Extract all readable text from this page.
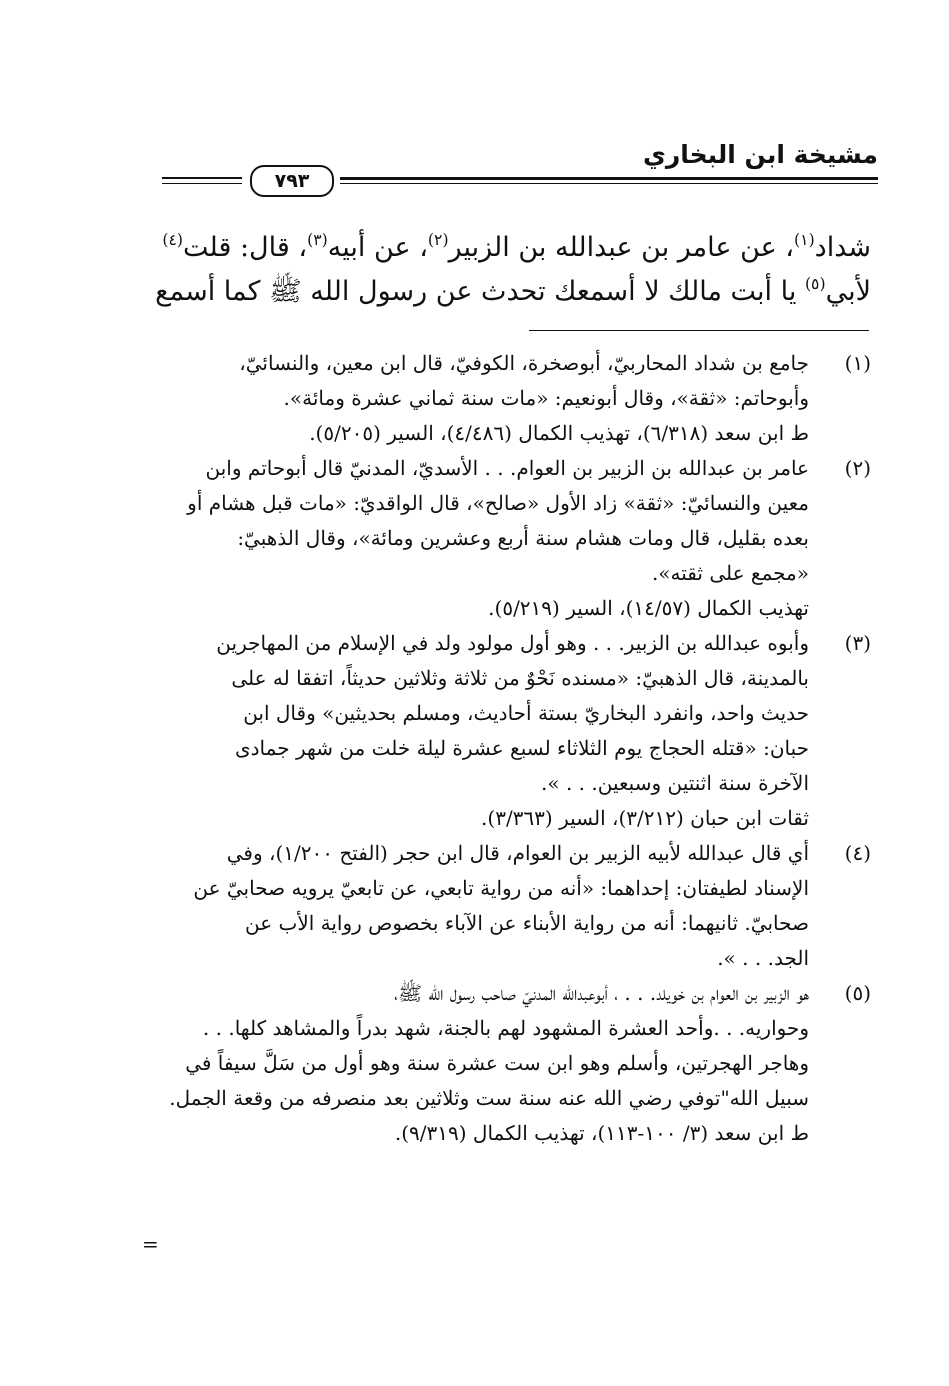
مشيخة ابن البخاري
٧٩٣
شداد$^{(١)}$، عن عامر بن عبدالله بن الزبير$^{(٢)}$، عن أبيه$^{(٣)}$، قال: قلت$^{(٤)}$
لأبي$^{(٥)}$ يا أبت مالك لا أسمعك تحدث عن رسول الله ﷺ كما أسمع
(١)
جامع بن شداد المحاربيّ، أبوصخرة، الكوفيّ، قال ابن معين، والنسائيّ،
وأبوحاتم: «ثقة»، وقال أبونعيم: «مات سنة ثماني عشرة ومائة».
ط ابن سعد (٦/٣١٨)، تهذيب الكمال (٤/٤٨٦)، السير (٥/٢٠٥).
(٢)
عامر بن عبدالله بن الزبير بن العوام. . . الأسديّ، المدنيّ قال أبوحاتم وابن
معين والنسائيّ: «ثقة» زاد الأول «صالح»، قال الواقديّ: «مات قبل هشام أو
بعده بقليل، قال ومات هشام سنة أربع وعشرين ومائة»، وقال الذهبيّ:
«مجمع على ثقته».
تهذيب الكمال (١٤/٥٧)، السير (٥/٢١٩).
(٣)
وأبوه عبدالله بن الزبير. . . وهو أول مولود ولد في الإسلام من المهاجرين
بالمدينة، قال الذهبيّ: «مسنده نَحْوٌ من ثلاثة وثلاثين حديثاً، اتفقا له على
حديث واحد، وانفرد البخاريّ بستة أحاديث، ومسلم بحديثين» وقال ابن
حبان: «قتله الحجاج يوم الثلاثاء لسبع عشرة ليلة خلت من شهر جمادى
الآخرة سنة اثنتين وسبعين. . . ».
ثقات ابن حبان (٣/٢١٢)، السير (٣/٣٦٣).
(٤)
أي قال عبدالله لأبيه الزبير بن العوام، قال ابن حجر (الفتح ١/٢٠٠)، وفي
الإسناد لطيفتان: إحداهما: «أنه من رواية تابعي، عن تابعيّ يرويه صحابيّ عن
صحابيّ. ثانيهما: أنه من رواية الأبناء عن الآباء بخصوص رواية الأب عن
الجد. . . ».
(٥)
هو الزبير بن العوام بن خويلد. . . ، أبوعبدالله المدنيّ صاحب رسول الله ﷺ،
وحواريه. . .وأحد العشرة المشهود لهم بالجنة، شهد بدراً والمشاهد كلها. . .
وهاجر الهجرتين، وأسلم وهو ابن ست عشرة سنة وهو أول من سَلَّ سيفاً في
سبيل الله"توفي رضي الله عنه سنة ست وثلاثين بعد منصرفه من وقعة الجمل.
ط ابن سعد (٣/ ١٠٠-١١٣)، تهذيب الكمال (٩/٣١٩).
=
